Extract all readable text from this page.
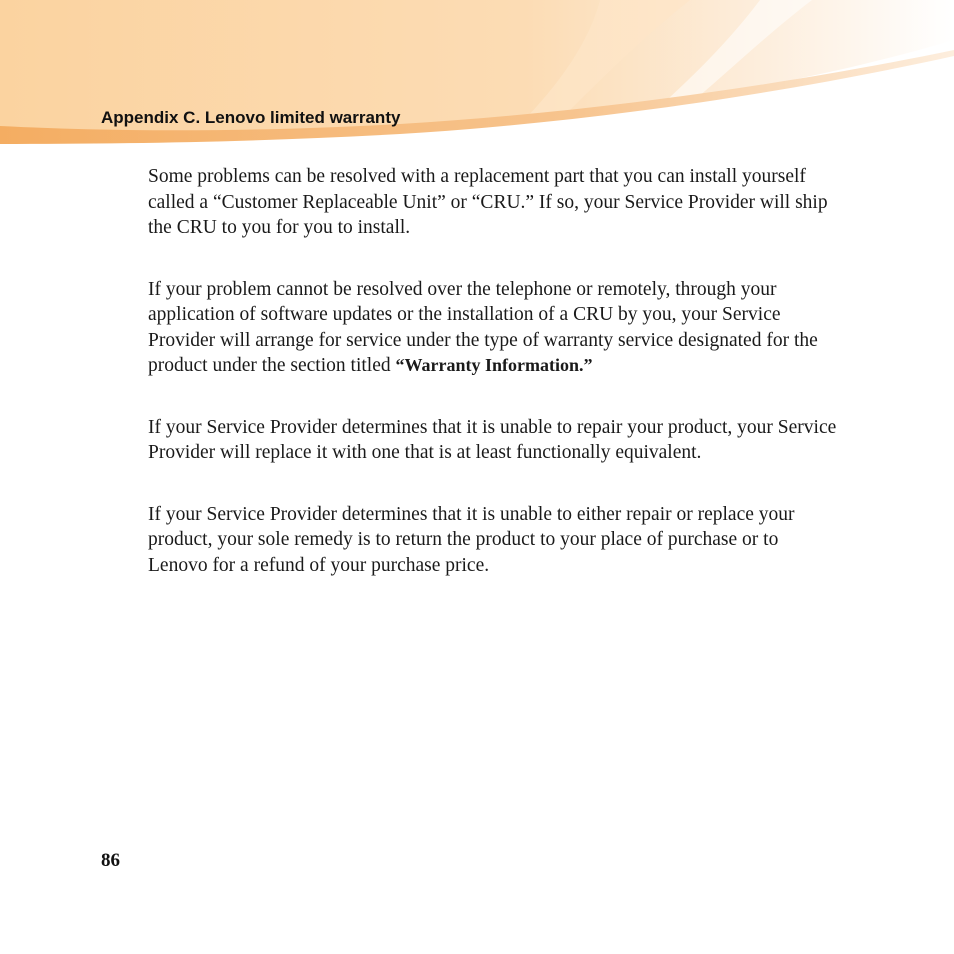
Appendix C. Lenovo limited warranty

Some problems can be resolved with a replacement part that you can install yourself called a “Customer Replaceable Unit” or “CRU.” If so, your Service Provider will ship the CRU to you for you to install.

If your problem cannot be resolved over the telephone or remotely, through your application of software updates or the installation of a CRU by you, your Service Provider will arrange for service under the type of warranty service designated for the product under the section titled “Warranty Information.”

If your Service Provider determines that it is unable to repair your product, your Service Provider will replace it with one that is at least functionally equivalent.

If your Service Provider determines that it is unable to either repair or replace your product, your sole remedy is to return the product to your place of purchase or to Lenovo for a refund of your purchase price.

86
